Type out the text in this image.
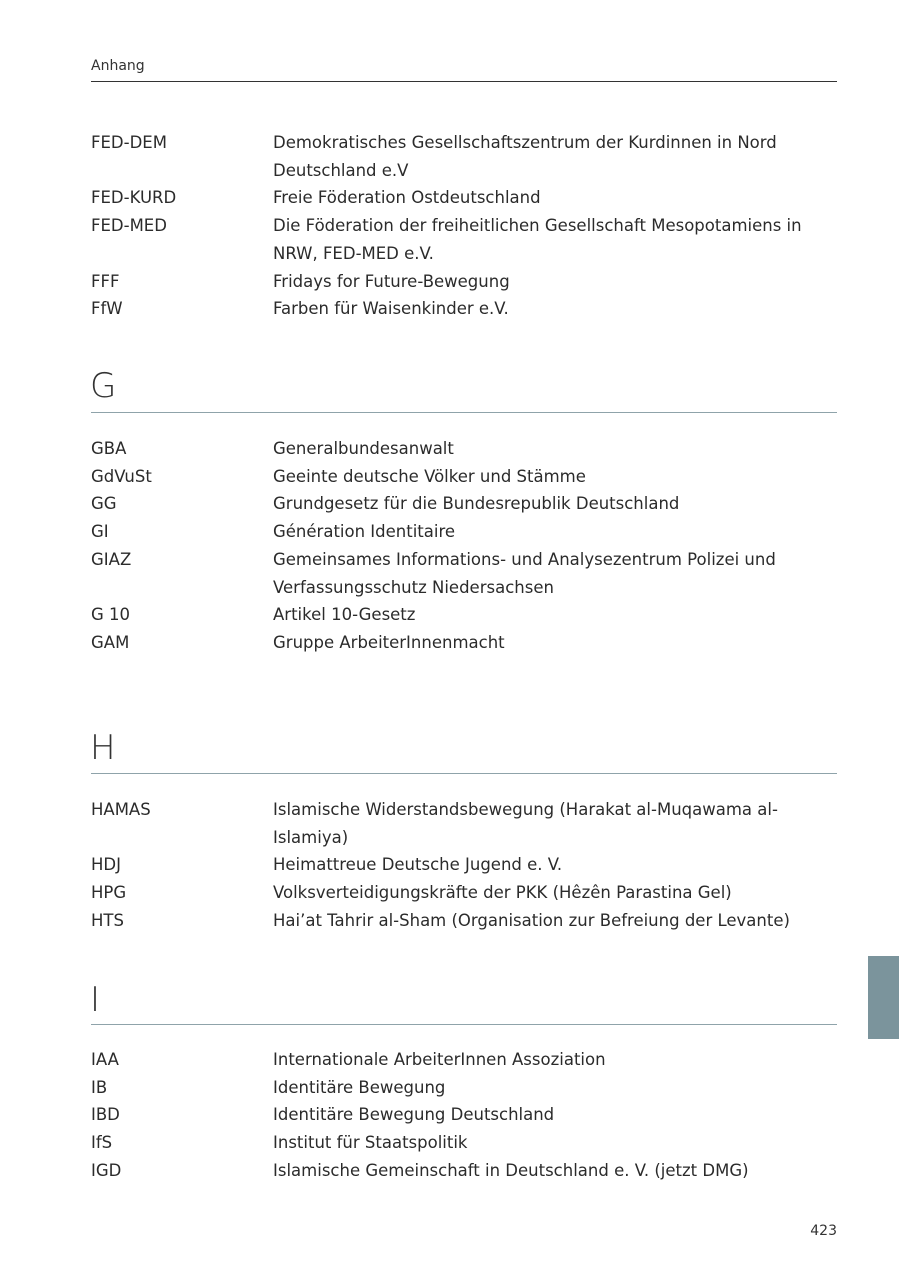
Anhang
FED-DEM	Demokratisches Gesellschaftszentrum der Kurdinnen in Nord Deutschland e.V
FED-KURD	Freie Föderation Ostdeutschland
FED-MED	Die Föderation der freiheitlichen Gesellschaft Mesopotamiens in NRW, FED-MED e.V.
FFF	Fridays for Future-Bewegung
FfW	Farben für Waisenkinder e.V.
G
GBA	Generalbundesanwalt
GdVuSt	Geeinte deutsche Völker und Stämme
GG	Grundgesetz für die Bundesrepublik Deutschland
GI	Génération Identitaire
GIAZ	Gemeinsames Informations- und Analysezentrum Polizei und Verfassungsschutz Niedersachsen
G 10	Artikel 10-Gesetz
GAM	Gruppe ArbeiterInnenmacht
H
HAMAS	Islamische Widerstandsbewegung (Harakat al-Muqawama al-Islamiya)
HDJ	Heimattreue Deutsche Jugend e. V.
HPG	Volksverteidigungskräfte der PKK (Hêzên Parastina Gel)
HTS	Hai’at Tahrir al-Sham (Organisation zur Befreiung der Levante)
I
IAA	Internationale ArbeiterInnen Assoziation
IB	Identitäre Bewegung
IBD	Identitäre Bewegung Deutschland
IfS	Institut für Staatspolitik
IGD	Islamische Gemeinschaft in Deutschland e. V. (jetzt DMG)
423
